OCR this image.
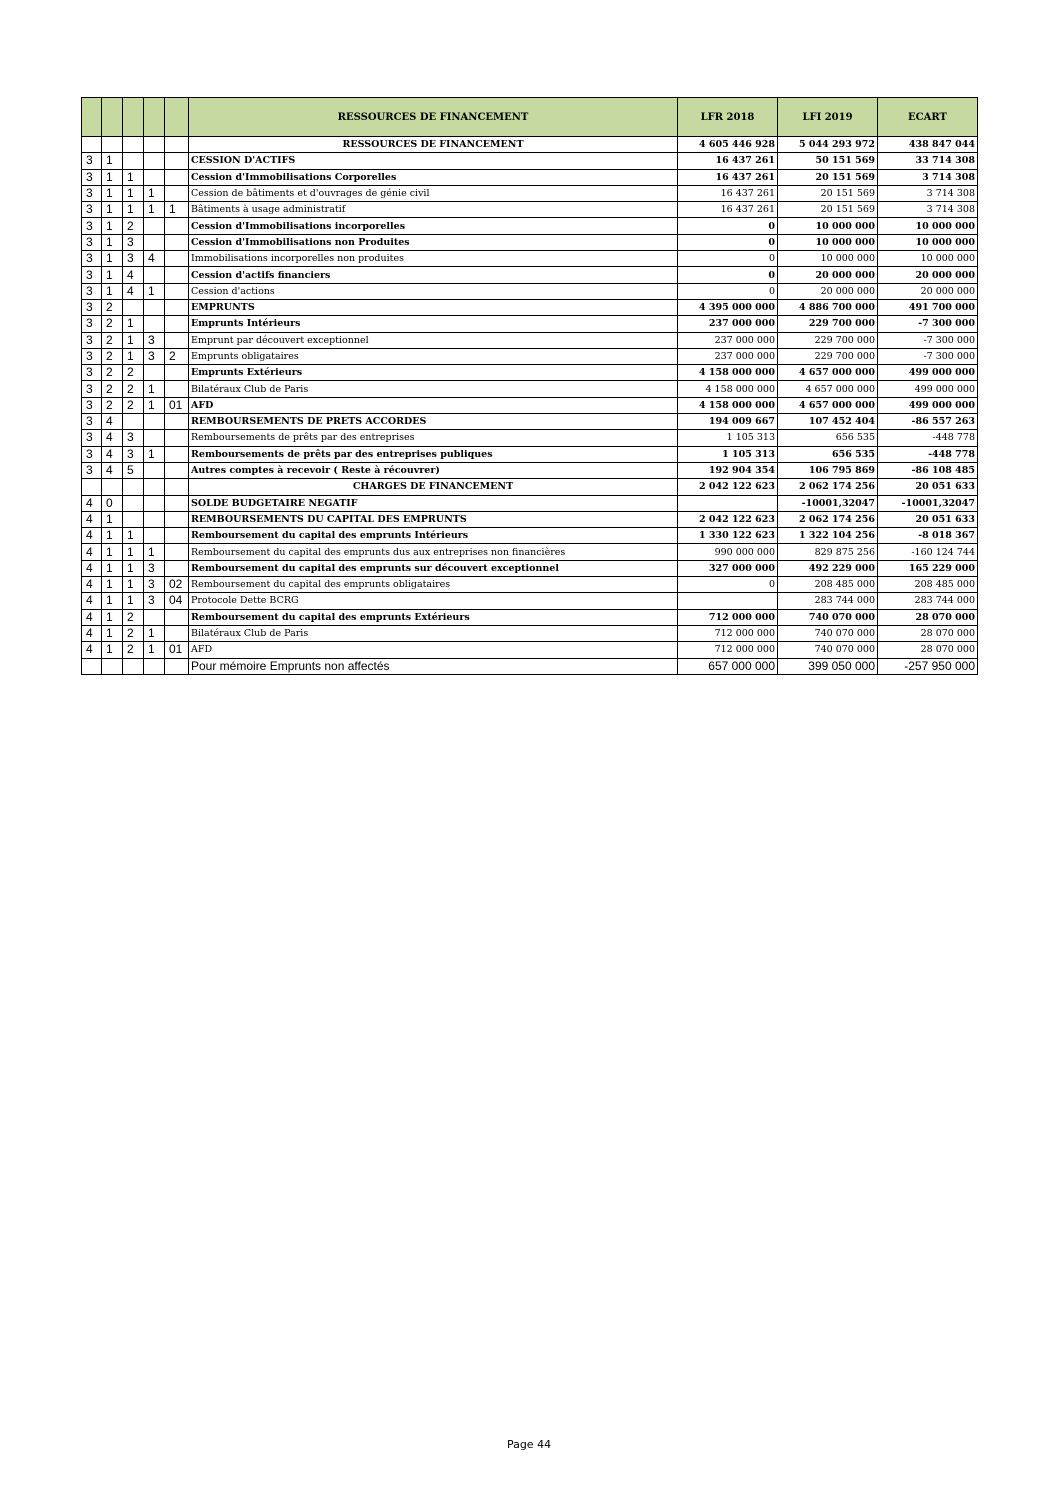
					RESSOURCES DE FINANCEMENT	LFR 2018	LFI 2019	ECART
					RESSOURCES DE FINANCEMENT	4 605 446 928	5 044 293 972	438 847 044
3	1				CESSION D'ACTIFS	16 437 261	50 151 569	33 714 308
3	1	1			Cession d'Immobilisations Corporelles	16 437 261	20 151 569	3 714 308
3	1	1	1		Cession de bâtiments et d'ouvrages de génie civil	16 437 261	20 151 569	3 714 308
3	1	1	1	1	Bâtiments à usage administratif	16 437 261	20 151 569	3 714 308
3	1	2			Cession d'Immobilisations incorporelles	0	10 000 000	10 000 000
3	1	3			Cession d'Immobilisations non Produites	0	10 000 000	10 000 000
3	1	3	4		Immobilisations incorporelles non produites	0	10 000 000	10 000 000
3	1	4			Cession d'actifs financiers	0	20 000 000	20 000 000
3	1	4	1		Cession d'actions	0	20 000 000	20 000 000
3	2				EMPRUNTS	4 395 000 000	4 886 700 000	491 700 000
3	2	1			Emprunts Intérieurs	237 000 000	229 700 000	-7 300 000
3	2	1	3		Emprunt par découvert exceptionnel	237 000 000	229 700 000	-7 300 000
3	2	1	3	2	Emprunts obligataires	237 000 000	229 700 000	-7 300 000
3	2	2			Emprunts Extérieurs	4 158 000 000	4 657 000 000	499 000 000
3	2	2	1		Bilatéraux Club de Paris	4 158 000 000	4 657 000 000	499 000 000
3	2	2	1	01	AFD	4 158 000 000	4 657 000 000	499 000 000
3	4				REMBOURSEMENTS DE PRETS ACCORDES	194 009 667	107 452 404	-86 557 263
3	4	3			Remboursements de prêts par des entreprises	1 105 313	656 535	-448 778
3	4	3	1		Remboursements de prêts par des entreprises publiques	1 105 313	656 535	-448 778
3	4	5			Autres comptes à recevoir ( Reste à récouvrer)	192 904 354	106 795 869	-86 108 485
					CHARGES DE FINANCEMENT	2 042 122 623	2 062 174 256	20 051 633
4	0				SOLDE BUDGETAIRE NEGATIF		-10001,32047	-10001,32047
4	1				REMBOURSEMENTS DU CAPITAL DES EMPRUNTS	2 042 122 623	2 062 174 256	20 051 633
4	1	1			Remboursement du capital des emprunts Intérieurs	1 330 122 623	1 322 104 256	-8 018 367
4	1	1	1		Remboursement du capital des emprunts dus aux entreprises non financières	990 000 000	829 875 256	-160 124 744
4	1	1	3		Remboursement du capital des emprunts sur découvert exceptionnel	327 000 000	492 229 000	165 229 000
4	1	1	3	02	Remboursement du capital des emprunts obligataires	0	208 485 000	208 485 000
4	1	1	3	04	Protocole Dette BCRG		283 744 000	283 744 000
4	1	2			Remboursement du capital des emprunts Extérieurs	712 000 000	740 070 000	28 070 000
4	1	2	1		Bilatéraux Club de Paris	712 000 000	740 070 000	28 070 000
4	1	2	1	01	AFD	712 000 000	740 070 000	28 070 000
					Pour mémoire Emprunts non affectés	657 000 000	399 050 000	-257 950 000
Page 44
